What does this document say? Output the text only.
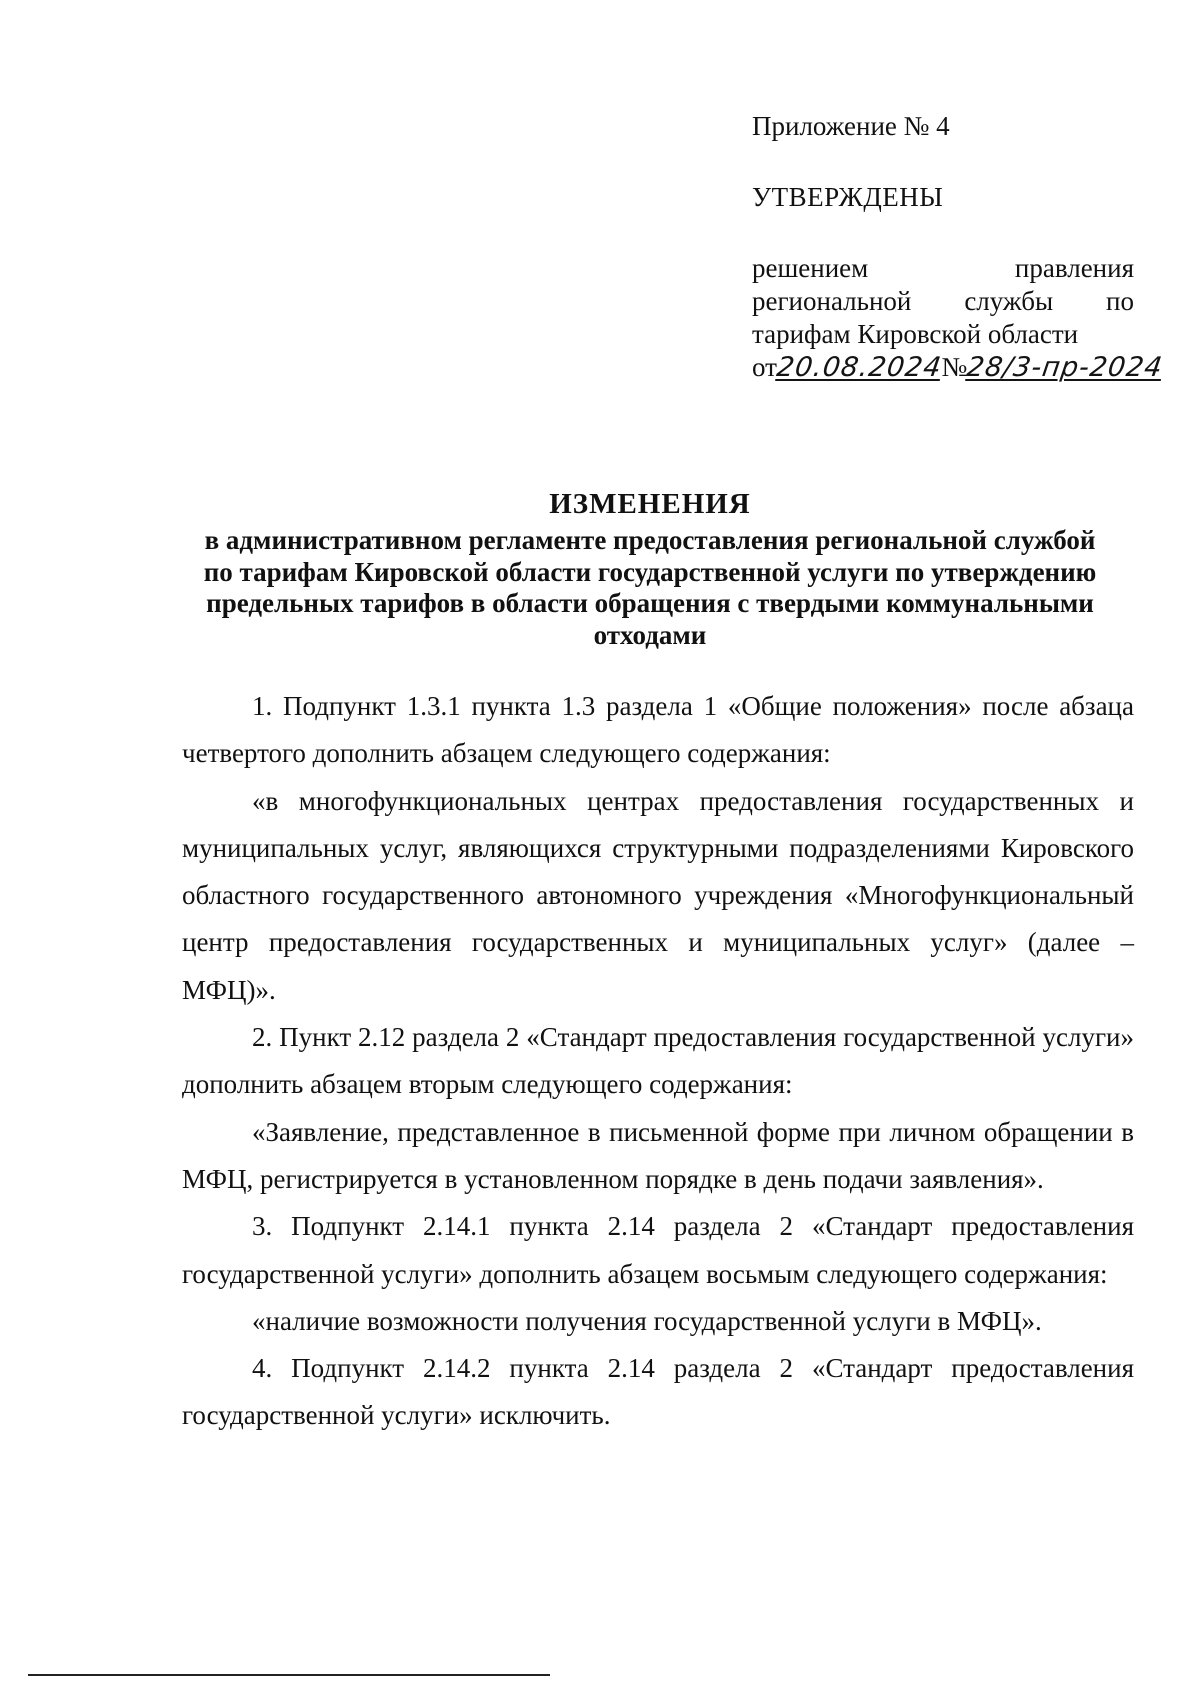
Приложение № 4
УТВЕРЖДЕНЫ
решением правления
региональной службы по
тарифам Кировской области
от20.08.2024№28/3-пр-2024
ИЗМЕНЕНИЯ
в административном регламенте предоставления региональной службой
по тарифам Кировской области государственной услуги по утверждению
предельных тарифов в области обращения с твердыми коммунальными
отходами

1. Подпункт 1.3.1 пункта 1.3 раздела 1 «Общие положения» после абзаца четвертого дополнить абзацем следующего содержания:

«в многофункциональных центрах предоставления государственных и муниципальных услуг, являющихся структурными подразделениями Кировского областного государственного автономного учреждения «Многофункциональный центр предоставления государственных и муниципальных услуг» (далее – МФЦ)».

2. Пункт 2.12 раздела 2 «Стандарт предоставления государственной услуги» дополнить абзацем вторым следующего содержания:

«Заявление, представленное в письменной форме при личном обращении в МФЦ, регистрируется в установленном порядке в день подачи заявления».

3. Подпункт 2.14.1 пункта 2.14 раздела 2 «Стандарт предоставления государственной услуги» дополнить абзацем восьмым следующего содержания:

«наличие возможности получения государственной услуги в МФЦ».

4. Подпункт 2.14.2 пункта 2.14 раздела 2 «Стандарт предоставления государственной услуги» исключить.
